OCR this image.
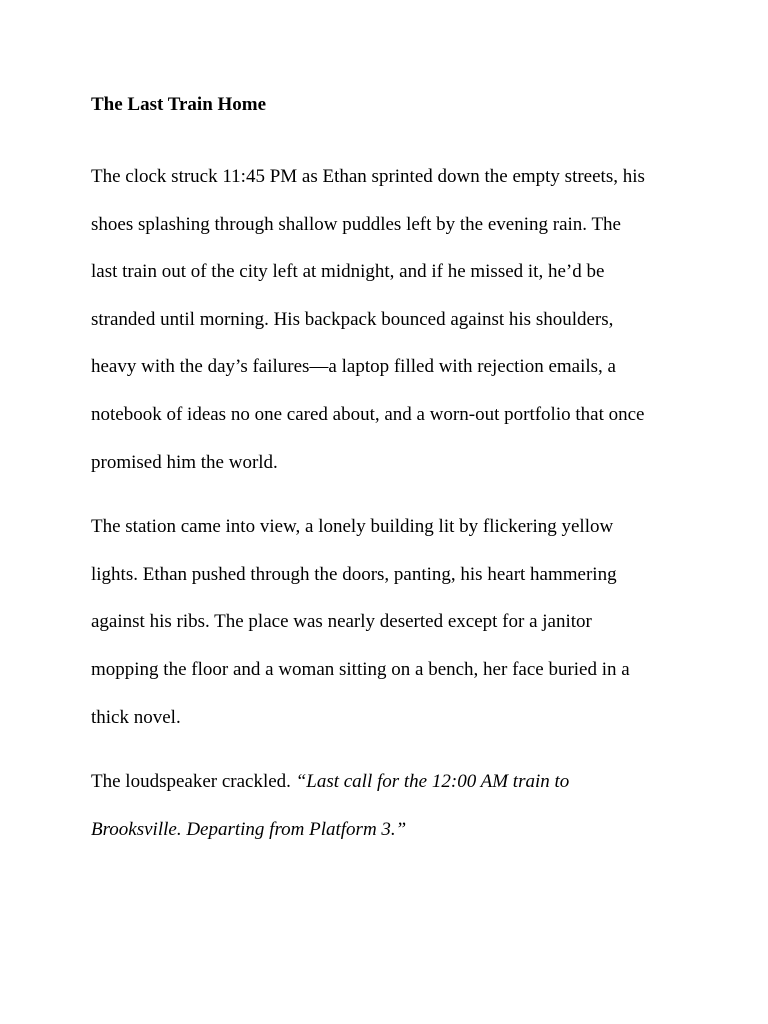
The Last Train Home
The clock struck 11:45 PM as Ethan sprinted down the empty streets, his
shoes splashing through shallow puddles left by the evening rain. The
last train out of the city left at midnight, and if he missed it, he’d be
stranded until morning. His backpack bounced against his shoulders,
heavy with the day’s failures—a laptop filled with rejection emails, a
notebook of ideas no one cared about, and a worn-out portfolio that once
promised him the world.
The station came into view, a lonely building lit by flickering yellow
lights. Ethan pushed through the doors, panting, his heart hammering
against his ribs. The place was nearly deserted except for a janitor
mopping the floor and a woman sitting on a bench, her face buried in a
thick novel.
The loudspeaker crackled. “Last call for the 12:00 AM train to
Brooksville. Departing from Platform 3.”
